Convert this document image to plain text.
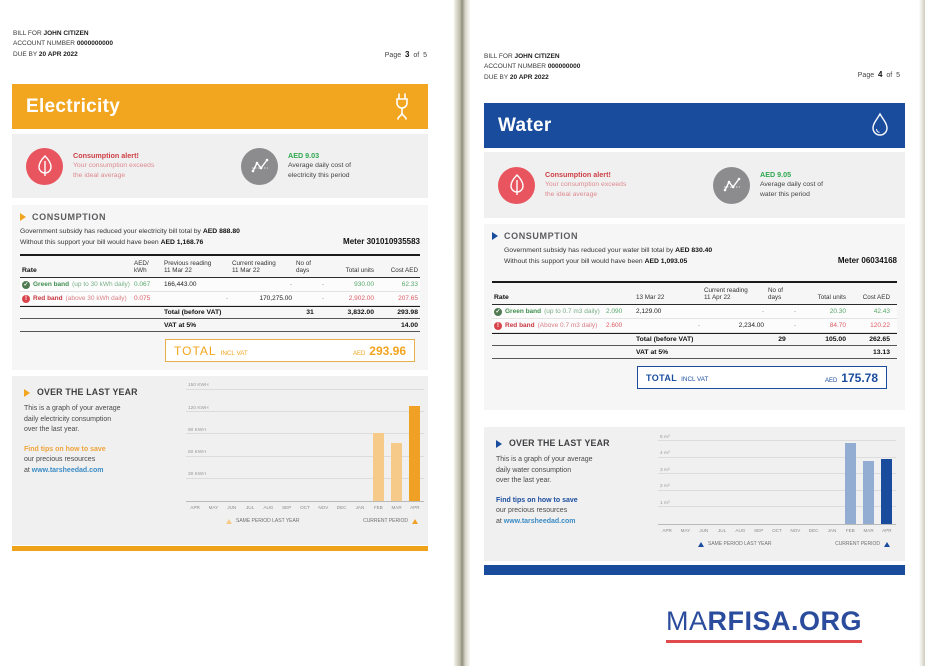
BILL FOR JOHN CITIZEN
ACCOUNT NUMBER 0000000000
DUE BY 20 APR 2022	Page 3 of 5
Electricity
Consumption alert!
Your consumption exceeds
the ideal average
AED 9.03
Average daily cost of
electricity this period
CONSUMPTION
Government subsidy has reduced your electricity bill total by AED 888.80
Without this support your bill would have been AED 1,168.76	Meter 301010935583
Rate
AED/
kWh
Previous reading
11 Mar 22
Current reading
11 Mar 22
No of
days	Total units	Cost AED
✓ Green band (up to 30 kWh daily) 0.067	166,443.00	-	-	930.00	62.33
! Red band (above 30 kWh daily)	0.075	-	170,275.00	-	2,902.00	207.65
Total (before VAT)	31	3,832.00	293.98
VAT at 5%	14.00
TOTAL INCL VAT	AED 293.96
OVER THE LAST YEAR
This is a graph of your average
daily electricity consumption
over the last year.
Find tips on how to save
our precious resources
at www.tarsheedad.com
150 KWH
120 KWH
90 KWH
60 KWH
30 KWH
APR	MAY	JUN	JUL	AUG	SEP	OCT	NOV	DEC	JAN	FEB	MAR	APR
SAME PERIOD LAST YEAR	CURRENT PERIOD
BILL FOR JOHN CITIZEN
ACCOUNT NUMBER 000000000
DUE BY 20 APR 2022	Page 4 of 5
Water
Consumption alert!
Your consumption exceeds
the ideal average
AED 9.05
Average daily cost of
water this period
CONSUMPTION
Government subsidy has reduced your water bill total by AED 830.40
Without this support your bill would have been AED 1,093.05	Meter 06034168
Rate	13 Mar 22
Current reading
11 Apr 22
No of
days	Total units	Cost AED
✓ Green band (up to 0.7 m3 daily) 2.090	2,129.00	-	-	20.30	42.43
! Red band (Above 0.7 m3 daily)	2.600	-	2,234.00	-	84.70	120.22
Total (before VAT)	29	105.00	262.65
VAT at 5%	13.13
TOTAL INCL VAT	AED 175.78
OVER THE LAST YEAR
This is a graph of your average
daily water consumption
over the last year.
Find tips on how to save
our precious resources
at www.tarsheedad.com
5 m³
4 m³
3 m³
2 m³
1 m³
APR	MAY	JUN	JUL	AUG	SEP	OCT	NOV	DEC	JAN	FEB	MAR	APR
SAME PERIOD LAST YEAR	CURRENT PERIOD
MARFISA.ORG
